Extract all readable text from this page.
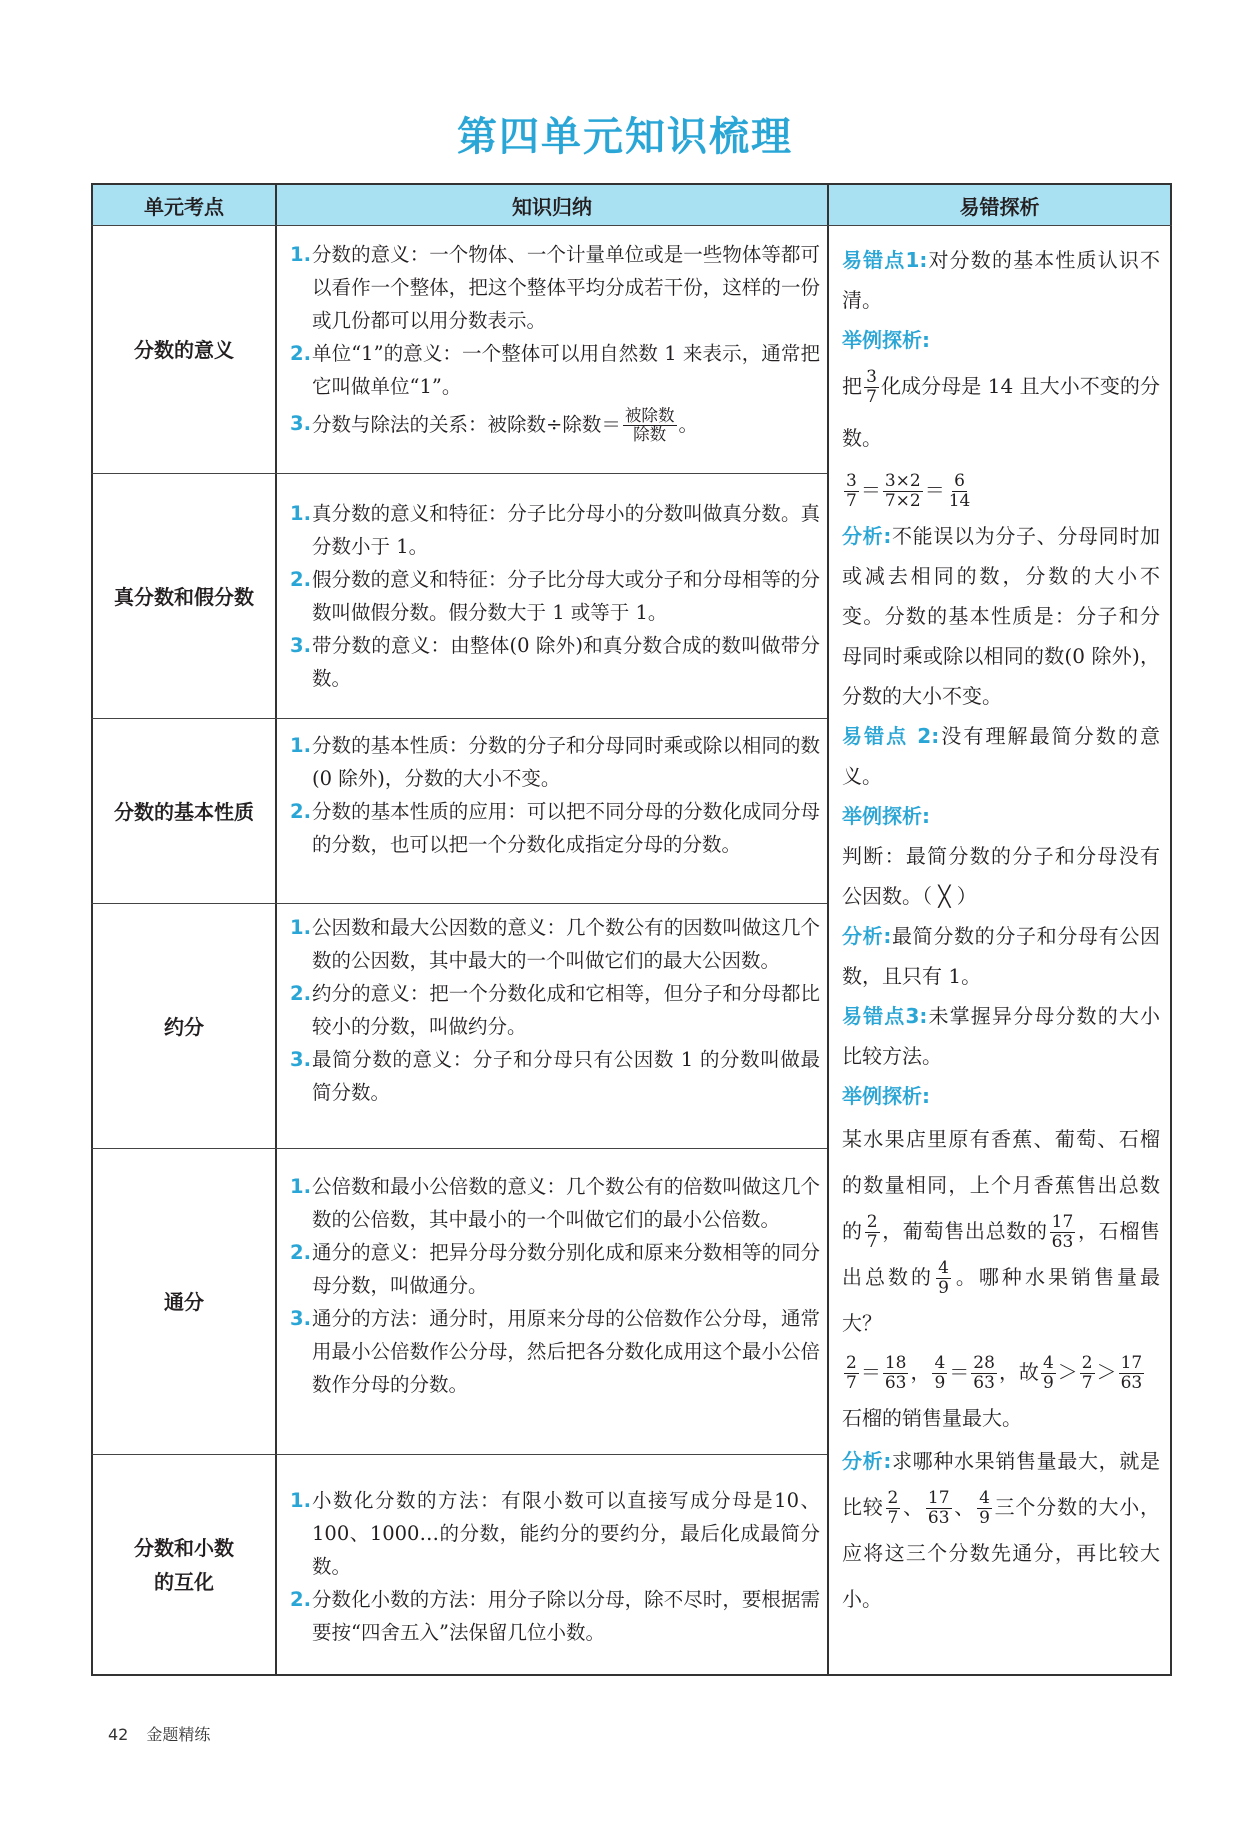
第四单元知识梳理
单元考点	知识归纳	易错探析
分数的意义
1. 分数的意义：一个物体、一个计量单位或是一些物体等都可以看作一个整体，把这个整体平均分成若干份，这样的一份或几份都可以用分数表示。
2. 单位“1”的意义：一个整体可以用自然数 1 来表示，通常把它叫做单位“1”。
3. 分数与除法的关系：被除数÷除数＝ $\frac{\text{被除数}}{\text{除数}}$ 。
真分数和假分数
1. 真分数的意义和特征：分子比分母小的分数叫做真分数。真分数小于 1。
2. 假分数的意义和特征：分子比分母大或分子和分母相等的分数叫做假分数。假分数大于 1 或等于 1。
3. 带分数的意义：由整体(0 除外)和真分数合成的数叫做带分数。
分数的基本性质
1. 分数的基本性质：分数的分子和分母同时乘或除以相同的数(0 除外)，分数的大小不变。
2. 分数的基本性质的应用：可以把不同分母的分数化成同分母的分数，也可以把一个分数化成指定分母的分数。
约分
1. 公因数和最大公因数的意义：几个数公有的因数叫做这几个数的公因数，其中最大的一个叫做它们的最大公因数。
2. 约分的意义：把一个分数化成和它相等，但分子和分母都比较小的分数，叫做约分。
3. 最简分数的意义：分子和分母只有公因数 1 的分数叫做最简分数。
通分
1. 公倍数和最小公倍数的意义：几个数公有的倍数叫做这几个数的公倍数，其中最小的一个叫做它们的最小公倍数。
2. 通分的意义：把异分母分数分别化成和原来分数相等的同分母分数，叫做通分。
3. 通分的方法：通分时，用原来分母的公倍数作公分母，通常用最小公倍数作公分母，然后把各分数化成用这个最小公倍数作分母的分数。
分数和小数
的互化
1. 小数化分数的方法：有限小数可以直接写成分母是10、100、1000…的分数，能约分的要约分，最后化成最简分数。
2. 分数化小数的方法：用分子除以分母，除不尽时，要根据需要按“四舍五入”法保留几位小数。

易错点1:对分数的基本性质认识不清。

举例探析:

把 $\frac{3}{7}$ 化成分母是 14 且大小不变的分数。

$\frac{3}{7} = \frac{3\times 2}{7\times 2} = \frac{6}{14}$

分析:不能误以为分子、分母同时加或减去相同的数，分数的大小不变。分数的基本性质是：分子和分母同时乘或除以相同的数(0 除外)，分数的大小不变。

易错点 2:没有理解最简分数的意义。

举例探析:

判断：最简分数的分子和分母没有公因数。（ ╳ ）

分析:最简分数的分子和分母有公因数，且只有 1。

易错点3:未掌握异分母分数的大小比较方法。

举例探析:

某水果店里原有香蕉、葡萄、石榴的数量相同，上个月香蕉售出总数的 $\frac{2}{7}$ ，葡萄售出总数的 $\frac{17}{63}$ ，石榴售出总数的 $\frac{4}{9}$ 。哪种水果销售量最大？

$\frac{2}{7} = \frac{18}{63}$ ， $\frac{4}{9} = \frac{28}{63}$ ，故 $\frac{4}{9} > \frac{2}{7} > \frac{17}{63}$

石榴的销售量最大。

分析:求哪种水果销售量最大，就是比较 $\frac{2}{7}$ 、 $\frac{17}{63}$ 、 $\frac{4}{9}$ 三个分数的大小，应将这三个分数先通分，再比较大小。

42 金题精练
